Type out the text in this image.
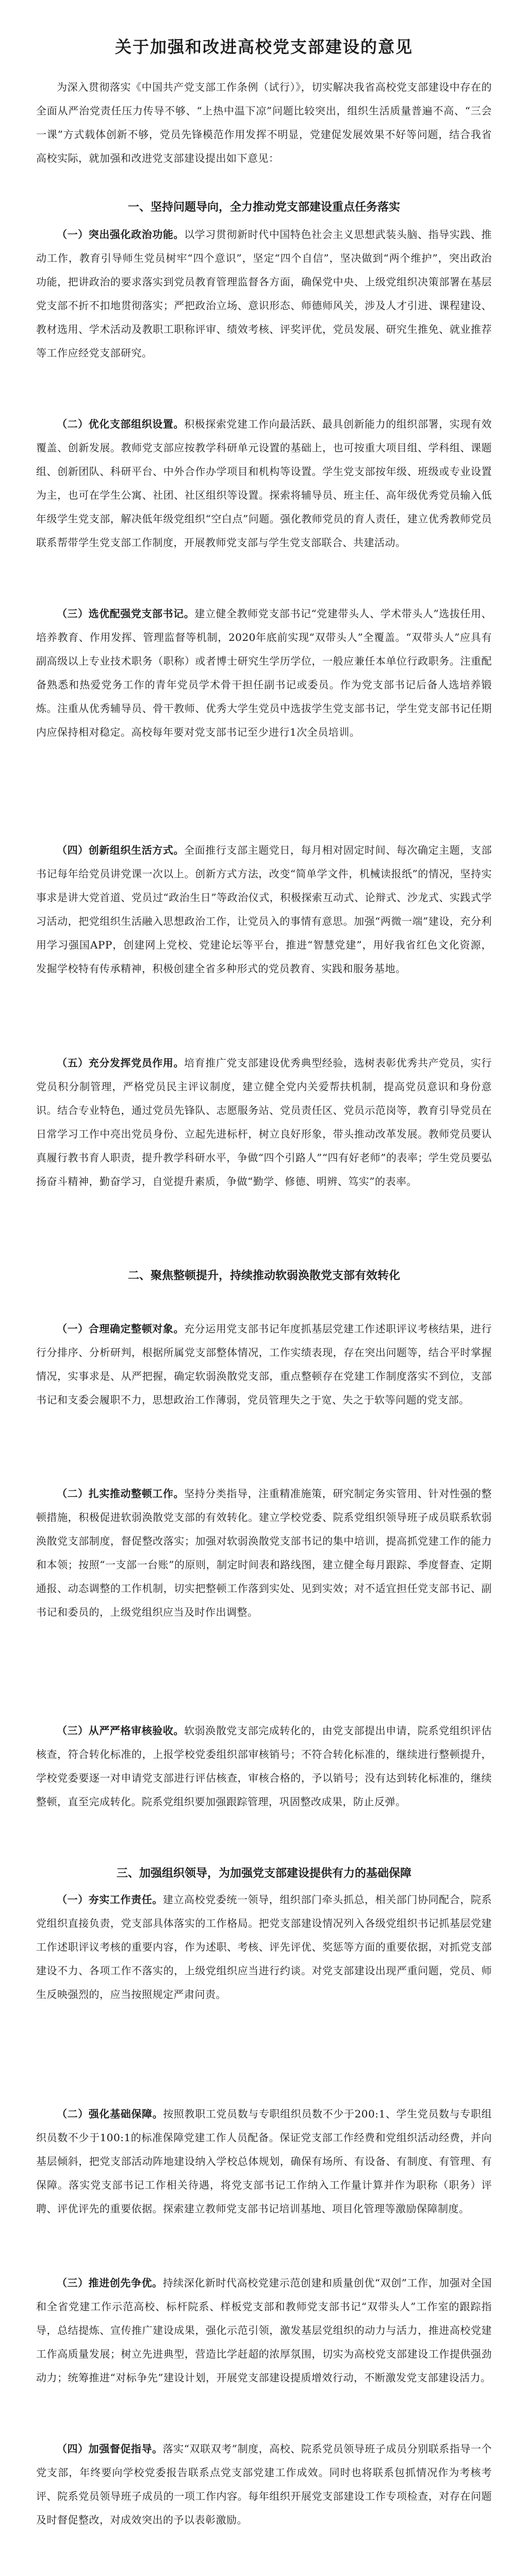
关于加强和改进高校党支部建设的意见

为深入贯彻落实《中国共产党支部工作条例（试行）》，切实解决我省高校党支部建设中存在的全面从严治党责任压力传导不够、“上热中温下凉”问题比较突出，组织生活质量普遍不高、“三会一课”方式载体创新不够，党员先锋模范作用发挥不明显，党建促发展效果不好等问题，结合我省高校实际，就加强和改进党支部建设提出如下意见：

一、坚持问题导向，全力推动党支部建设重点任务落实

（一）突出强化政治功能。以学习贯彻新时代中国特色社会主义思想武装头脑、指导实践、推动工作，教育引导师生党员树牢“四个意识”，坚定“四个自信”，坚决做到“两个维护”，突出政治功能，把讲政治的要求落实到党员教育管理监督各方面，确保党中央、上级党组织决策部署在基层党支部不折不扣地贯彻落实；严把政治立场、意识形态、师德师风关，涉及人才引进、课程建设、教材选用、学术活动及教职工职称评审、绩效考核、评奖评优，党员发展、研究生推免、就业推荐等工作应经党支部研究。

（二）优化支部组织设置。积极探索党建工作向最活跃、最具创新能力的组织部署，实现有效覆盖、创新发展。教师党支部应按教学科研单元设置的基础上，也可按重大项目组、学科组、课题组、创新团队、科研平台、中外合作办学项目和机构等设置。学生党支部按年级、班级或专业设置为主，也可在学生公寓、社团、社区组织等设置。探索将辅导员、班主任、高年级优秀党员输入低年级学生党支部，解决低年级党组织“空白点”问题。强化教师党员的育人责任，建立优秀教师党员联系帮带学生党支部工作制度，开展教师党支部与学生党支部联合、共建活动。

（三）选优配强党支部书记。建立健全教师党支部书记“党建带头人、学术带头人”选拔任用、培养教育、作用发挥、管理监督等机制，2020年底前实现“双带头人”全覆盖。“双带头人”应具有副高级以上专业技术职务（职称）或者博士研究生学历学位，一般应兼任本单位行政职务。注重配备熟悉和热爱党务工作的青年党员学术骨干担任副书记或委员。作为党支部书记后备人选培养锻炼。注重从优秀辅导员、骨干教师、优秀大学生党员中选拔学生党支部书记，学生党支部书记任期内应保持相对稳定。高校每年要对党支部书记至少进行1次全员培训。

（四）创新组织生活方式。全面推行支部主题党日，每月相对固定时间、每次确定主题，支部书记每年给党员讲党课一次以上。创新方式方法，改变“简单学文件，机械读报纸”的情况，坚持实事求是讲大党首道、党员过“政治生日”等政治仪式，积极探索互动式、论辩式、沙龙式、实践式学习活动，把党组织生活融入思想政治工作，让党员入的事情有意思。加强“两微一端”建设，充分利用学习强国APP，创建网上党校、党建论坛等平台，推进“智慧党建”，用好我省红色文化资源，发掘学校特有传承精神，积极创建全省多种形式的党员教育、实践和服务基地。

（五）充分发挥党员作用。培育推广党支部建设优秀典型经验，选树表彰优秀共产党员，实行党员积分制管理，严格党员民主评议制度，建立健全党内关爱帮扶机制，提高党员意识和身份意识。结合专业特色，通过党员先锋队、志愿服务站、党员责任区、党员示范岗等，教育引导党员在日常学习工作中亮出党员身份、立起先进标杆，树立良好形象，带头推动改革发展。教师党员要认真履行教书育人职责，提升教学科研水平，争做“四个引路人”“四有好老师”的表率；学生党员要弘扬奋斗精神，勤奋学习，自觉提升素质，争做“勤学、修德、明辨、笃实”的表率。

二、聚焦整顿提升，持续推动软弱涣散党支部有效转化

（一）合理确定整顿对象。充分运用党支部书记年度抓基层党建工作述职评议考核结果，进行行分排序、分析研判，根据所属党支部整体情况，工作实绩表现，存在突出问题等，结合平时掌握情况，实事求是、从严把握，确定软弱涣散党支部，重点整顿存在党建工作制度落实不到位，支部书记和支委会履职不力，思想政治工作薄弱，党员管理失之于宽、失之于软等问题的党支部。

（二）扎实推动整顿工作。坚持分类指导，注重精准施策，研究制定务实管用、针对性强的整顿措施，积极促进软弱涣散党支部的有效转化。建立学校党委、院系党组织领导班子成员联系软弱涣散党支部制度，督促整改落实；加强对软弱涣散党支部书记的集中培训，提高抓党建工作的能力和本领；按照“一支部一台账”的原则，制定时间表和路线图，建立健全每月跟踪、季度督查、定期通报、动态调整的工作机制，切实把整顿工作落到实处、见到实效；对不适宜担任党支部书记、副书记和委员的，上级党组织应当及时作出调整。

（三）从严严格审核验收。软弱涣散党支部完成转化的，由党支部提出申请，院系党组织评估核查，符合转化标准的，上报学校党委组织部审核销号；不符合转化标准的，继续进行整顿提升，学校党委要逐一对申请党支部进行评估核查，审核合格的，予以销号；没有达到转化标准的，继续整顿，直至完成转化。院系党组织要加强跟踪管理，巩固整改成果，防止反弹。

三、加强组织领导，为加强党支部建设提供有力的基础保障

（一）夯实工作责任。建立高校党委统一领导，组织部门牵头抓总，相关部门协同配合，院系党组织直接负责，党支部具体落实的工作格局。把党支部建设情况列入各级党组织书记抓基层党建工作述职评议考核的重要内容，作为述职、考核、评先评优、奖惩等方面的重要依据，对抓党支部建设不力、各项工作不落实的，上级党组织应当进行约谈。对党支部建设出现严重问题，党员、师生反映强烈的，应当按照规定严肃问责。

（二）强化基础保障。按照教职工党员数与专职组织员数不少于200:1、学生党员数与专职组织员数不少于100:1的标准保障党建工作人员配备。保证党支部工作经费和党组织活动经费，并向基层倾斜，把党支部活动阵地建设纳入学校总体规划，确保有场所、有设备、有制度、有管理、有保障。落实党支部书记工作相关待遇，将党支部书记工作纳入工作量计算并作为职称（职务）评聘、评优评先的重要依据。探索建立教师党支部书记培训基地、项目化管理等激励保障制度。

（三）推进创先争优。持续深化新时代高校党建示范创建和质量创优“双创”工作，加强对全国和全省党建工作示范高校、标杆院系、样板党支部和教师党支部书记“双带头人”工作室的跟踪指导，总结提炼、宣传推广建设成果，强化示范引领，激发基层党组织的动力与活力，推进高校党建工作高质量发展；树立先进典型，营造比学赶超的浓厚氛围，切实为高校党支部建设工作提供强劲动力；统筹推进“对标争先”建设计划，开展党支部建设提质增效行动，不断激发党支部建设活力。

（四）加强督促指导。落实“双联双考”制度，高校、院系党员领导班子成员分别联系指导一个党支部，年终要向学校党委报告联系点党支部党建工作成效。同时也将联系包抓情况作为考核考评、院系党员领导班子成员的一项工作内容。每年组织开展党支部建设工作专项检查，对存在问题及时督促整改，对成效突出的予以表彰激励。
